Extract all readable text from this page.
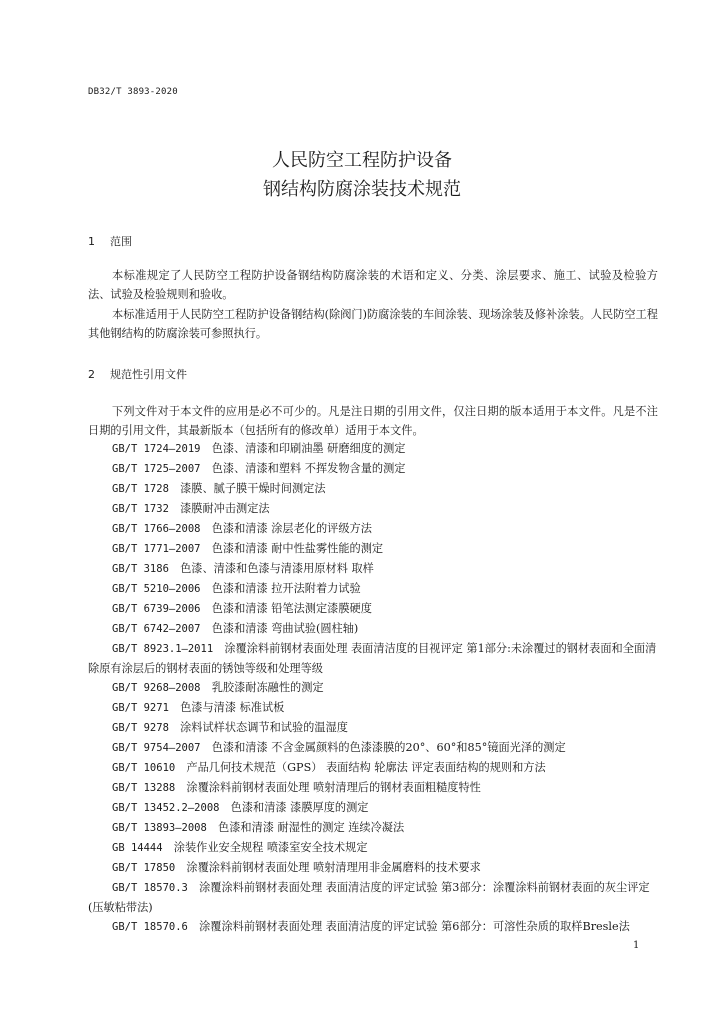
DB32/T 3893-2020
人民防空工程防护设备
钢结构防腐涂装技术规范
1 范围
本标准规定了人民防空工程防护设备钢结构防腐涂装的术语和定义、分类、涂层要求、施工、试验及检验方法、试验及检验规则和验收。
本标准适用于人民防空工程防护设备钢结构(除阀门)防腐涂装的车间涂装、现场涂装及修补涂装。人民防空工程其他钢结构的防腐涂装可参照执行。
2 规范性引用文件
下列文件对于本文件的应用是必不可少的。凡是注日期的引用文件，仅注日期的版本适用于本文件。凡是不注日期的引用文件，其最新版本（包括所有的修改单）适用于本文件。
GB/T 1724—2019　 色漆、清漆和印刷油墨 研磨细度的测定
GB/T 1725—2007　 色漆、清漆和塑料 不挥发物含量的测定
GB/T 1728　 漆膜、腻子膜干燥时间测定法
GB/T 1732　 漆膜耐冲击测定法
GB/T 1766—2008　 色漆和清漆 涂层老化的评级方法
GB/T 1771—2007　 色漆和清漆 耐中性盐雾性能的测定
GB/T 3186　 色漆、清漆和色漆与清漆用原材料 取样
GB/T 5210—2006　 色漆和清漆 拉开法附着力试验
GB/T 6739—2006　 色漆和清漆 铅笔法测定漆膜硬度
GB/T 6742—2007　 色漆和清漆 弯曲试验(圆柱轴)
GB/T 8923.1—2011　 涂覆涂料前钢材表面处理 表面清洁度的目视评定 第1部分:未涂覆过的钢材表面和全面清除原有涂层后的钢材表面的锈蚀等级和处理等级
GB/T 9268—2008　 乳胶漆耐冻融性的测定
GB/T 9271　 色漆与清漆 标准试板
GB/T 9278　 涂料试样状态调节和试验的温湿度
GB/T 9754—2007　 色漆和清漆 不含金属颜料的色漆漆膜的20°、60°和85°镜面光泽的测定
GB/T 10610　 产品几何技术规范（GPS） 表面结构 轮廓法 评定表面结构的规则和方法
GB/T 13288　 涂覆涂料前钢材表面处理 喷射清理后的钢材表面粗糙度特性
GB/T 13452.2—2008　 色漆和清漆 漆膜厚度的测定
GB/T 13893—2008　 色漆和清漆 耐湿性的测定 连续冷凝法
GB 14444　 涂装作业安全规程 喷漆室安全技术规定
GB/T 17850　 涂覆涂料前钢材表面处理 喷射清理用非金属磨料的技术要求
GB/T 18570.3　 涂覆涂料前钢材表面处理 表面清洁度的评定试验 第3部分：涂覆涂料前钢材表面的灰尘评定(压敏粘带法)
GB/T 18570.6　 涂覆涂料前钢材表面处理 表面清洁度的评定试验 第6部分：可溶性杂质的取样Bresle法
1
